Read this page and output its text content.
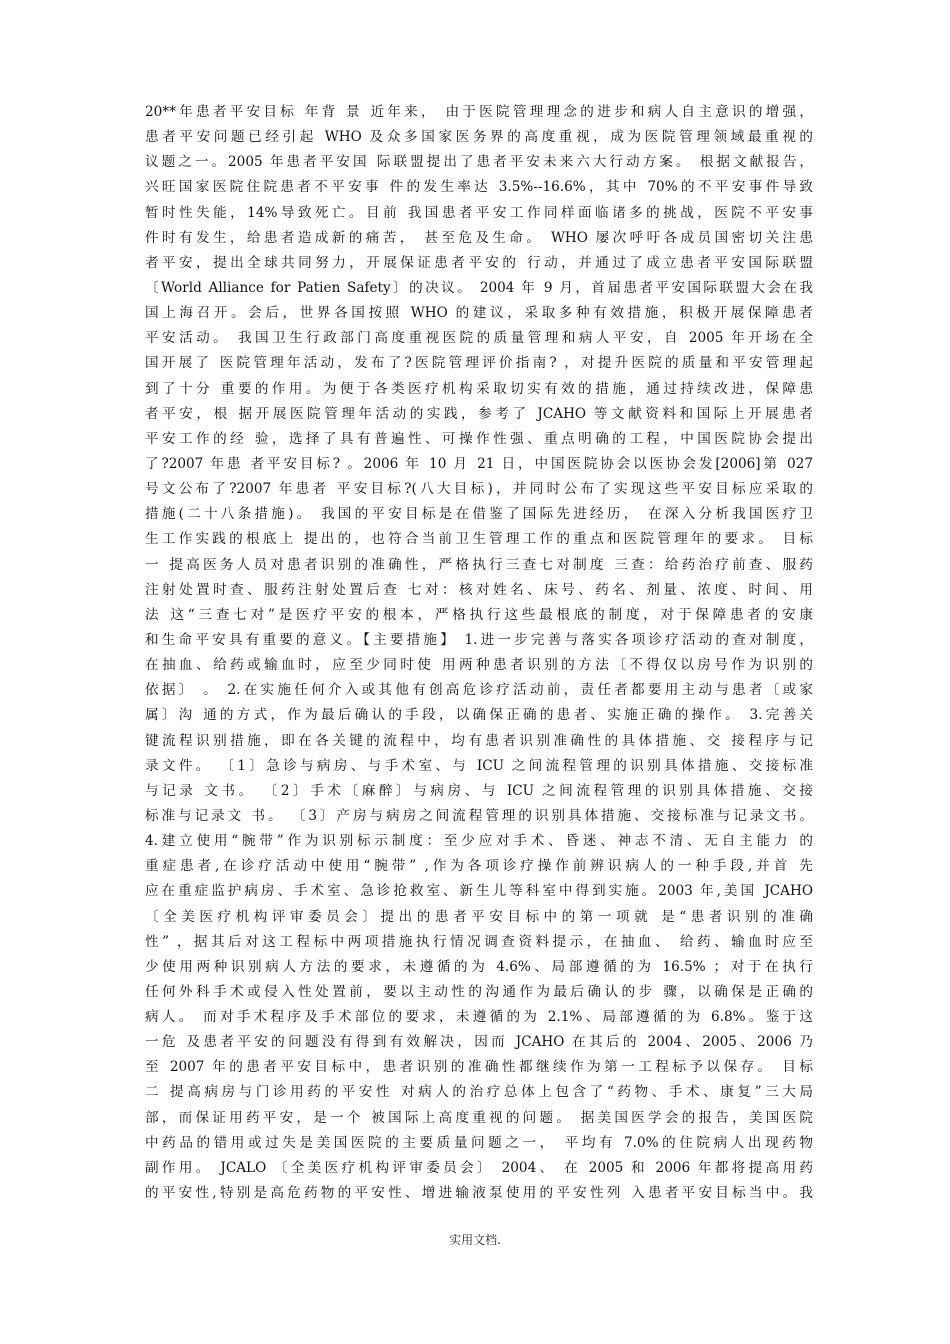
20**年患者平安目标 年背 景 近年来， 由于医院管理理念的进步和病人自主意识的增强，
患者平安问题已经引起 WHO 及众多国家医务界的高度重视，成为医院管理领域最重视的
议题之一。2005 年患者平安国 际联盟提出了患者平安未来六大行动方案。 根据文献报告，
兴旺国家医院住院患者不平安事 件的发生率达 3.5%--16.6%，其中 70%的不平安事件导致
暂时性失能，14%导致死亡。目前 我国患者平安工作同样面临诸多的挑战，医院不平安事
件时有发生，给患者造成新的痛苦， 甚至危及生命。 WHO 屡次呼吁各成员国密切关注患
者平安，提出全球共同努力，开展保证患者平安的 行动，并通过了成立患者平安国际联盟
〔World Alliance for Patien Safety〕的决议。 2004 年 9 月，首届患者平安国际联盟大会在我
国上海召开。会后，世界各国按照 WHO 的建议，采取多种有效措施，积极开展保障患者
平安活动。 我国卫生行政部门高度重视医院的质量管理和病人平安，自 2005 年开场在全
国开展了 医院管理年活动，发布了?医院管理评价指南? ，对提升医院的质量和平安管理起
到了十分 重要的作用。为便于各类医疗机构采取切实有效的措施，通过持续改进，保障患
者平安，根 据开展医院管理年活动的实践，参考了 JCAHO 等文献资料和国际上开展患者
平安工作的经 验，选择了具有普遍性、可操作性强、重点明确的工程，中国医院协会提出
了?2007 年患 者平安目标? 。2006 年 10 月 21 日，中国医院协会以医协会发[2006]第 027
号文公布了?2007 年患者 平安目标?(八大目标)，并同时公布了实现这些平安目标应采取的
措施(二十八条措施)。 我国的平安目标是在借鉴了国际先进经历， 在深入分析我国医疗卫
生工作实践的根底上 提出的，也符合当前卫生管理工作的重点和医院管理年的要求。 目标
一 提高医务人员对患者识别的准确性，严格执行三查七对制度 三查：给药治疗前查、服药
注射处置时查、服药注射处置后查 七对：核对姓名、床号、药名、剂量、浓度、时间、用
法 这“三查七对”是医疗平安的根本，严格执行这些最根底的制度，对于保障患者的安康
和生命平安具有重要的意义。【主要措施】 1.进一步完善与落实各项诊疗活动的查对制度，
在抽血、给药或输血时，应至少同时使 用两种患者识别的方法〔不得仅以房号作为识别的
依据〕 。 2.在实施任何介入或其他有创高危诊疗活动前，责任者都要用主动与患者〔或家
属〕沟 通的方式，作为最后确认的手段，以确保正确的患者、实施正确的操作。 3.完善关
键流程识别措施，即在各关键的流程中，均有患者识别准确性的具体措施、交 接程序与记
录文件。 〔1〕急诊与病房、与手术室、与 ICU 之间流程管理的识别具体措施、交接标准
与记录 文书。 〔2〕手术〔麻醉〕与病房、与 ICU 之间流程管理的识别具体措施、交接
标准与记录文 书。 〔3〕产房与病房之间流程管理的识别具体措施、交接标准与记录文书。
4.建立使用“腕带”作为识别标示制度：至少应对手术、昏迷、神志不清、无自主能力 的
重症患者,在诊疗活动中使用“腕带” ,作为各项诊疗操作前辨识病人的一种手段,并首 先
应在重症监护病房、手术室、急诊抢救室、新生儿等科室中得到实施。2003 年,美国 JCAHO
〔全美医疗机构评审委员会〕提出的患者平安目标中的第一项就 是“患者识别的准确
性” ，据其后对这工程标中两项措施执行情况调查资料提示，在抽血、 给药、输血时应至
少使用两种识别病人方法的要求，未遵循的为 4.6%、局部遵循的为 16.5% ；对于在执行
任何外科手术或侵入性处置前，要以主动性的沟通作为最后确认的步 骤，以确保是正确的
病人。 而对手术程序及手术部位的要求，未遵循的为 2.1%、局部遵循的为 6.8%。鉴于这
一危 及患者平安的问题没有得到有效解决，因而 JCAHO 在其后的 2004、2005、2006 乃
至 2007 年的患者平安目标中，患者识别的准确性都继续作为第一工程标予以保存。 目标
二 提高病房与门诊用药的平安性 对病人的治疗总体上包含了“药物、手术、康复”三大局
部，而保证用药平安，是一个 被国际上高度重视的问题。 据美国医学会的报告，美国医院
中药品的错用或过失是美国医院的主要质量问题之一， 平均有 7.0%的住院病人出现药物
副作用。 JCALO 〔全美医疗机构评审委员会〕 2004、 在 2005 和 2006 年都将提高用药
的平安性,特别是高危药物的平安性、增进输液泵使用的平安性列 入患者平安目标当中。我
实用文档.
